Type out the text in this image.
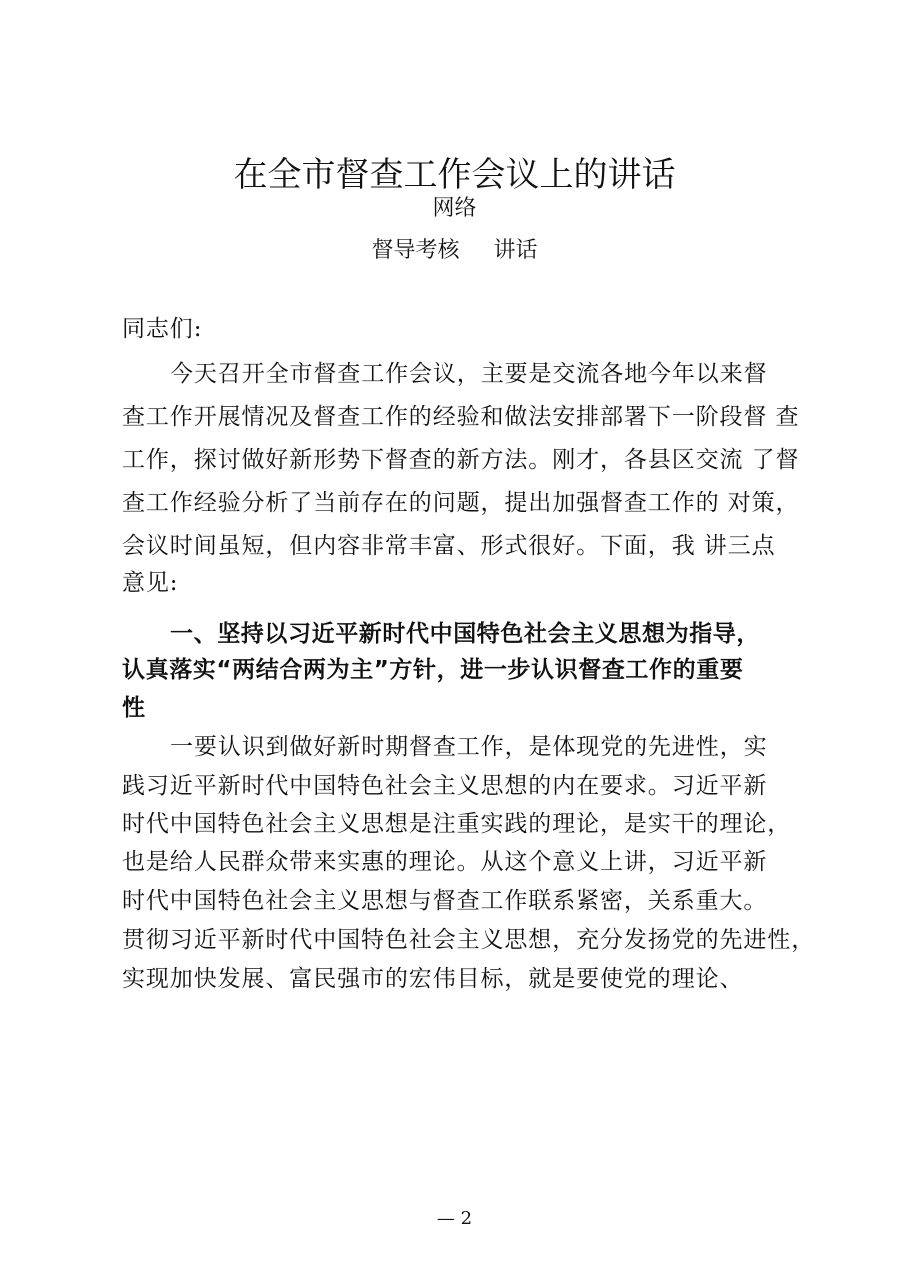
在全市督查工作会议上的讲话
网络
督导考核 讲话
同志们:
今天召开全市督查工作会议，主要是交流各地今年以来督
查工作开展情况及督查工作的经验和做法安排部署下一阶段督 查
工作，探讨做好新形势下督查的新方法。刚才，各县区交流 了督
查工作经验分析了当前存在的问题，提出加强督查工作的 对策，
会议时间虽短，但内容非常丰富、形式很好。下面，我 讲三点
意见:
一、坚持以习近平新时代中国特色社会主义思想为指导，
认真落实“两结合两为主”方针，进一步认识督查工作的重要
性
一要认识到做好新时期督查工作，是体现党的先进性，实
践习近平新时代中国特色社会主义思想的内在要求。习近平新
时代中国特色社会主义思想是注重实践的理论，是实干的理论，
也是给人民群众带来实惠的理论。从这个意义上讲，习近平新
时代中国特色社会主义思想与督查工作联系紧密，关系重大。
贯彻习近平新时代中国特色社会主义思想，充分发扬党的先进性，
实现加快发展、富民强市的宏伟目标，就是要使党的理论、
— 2
